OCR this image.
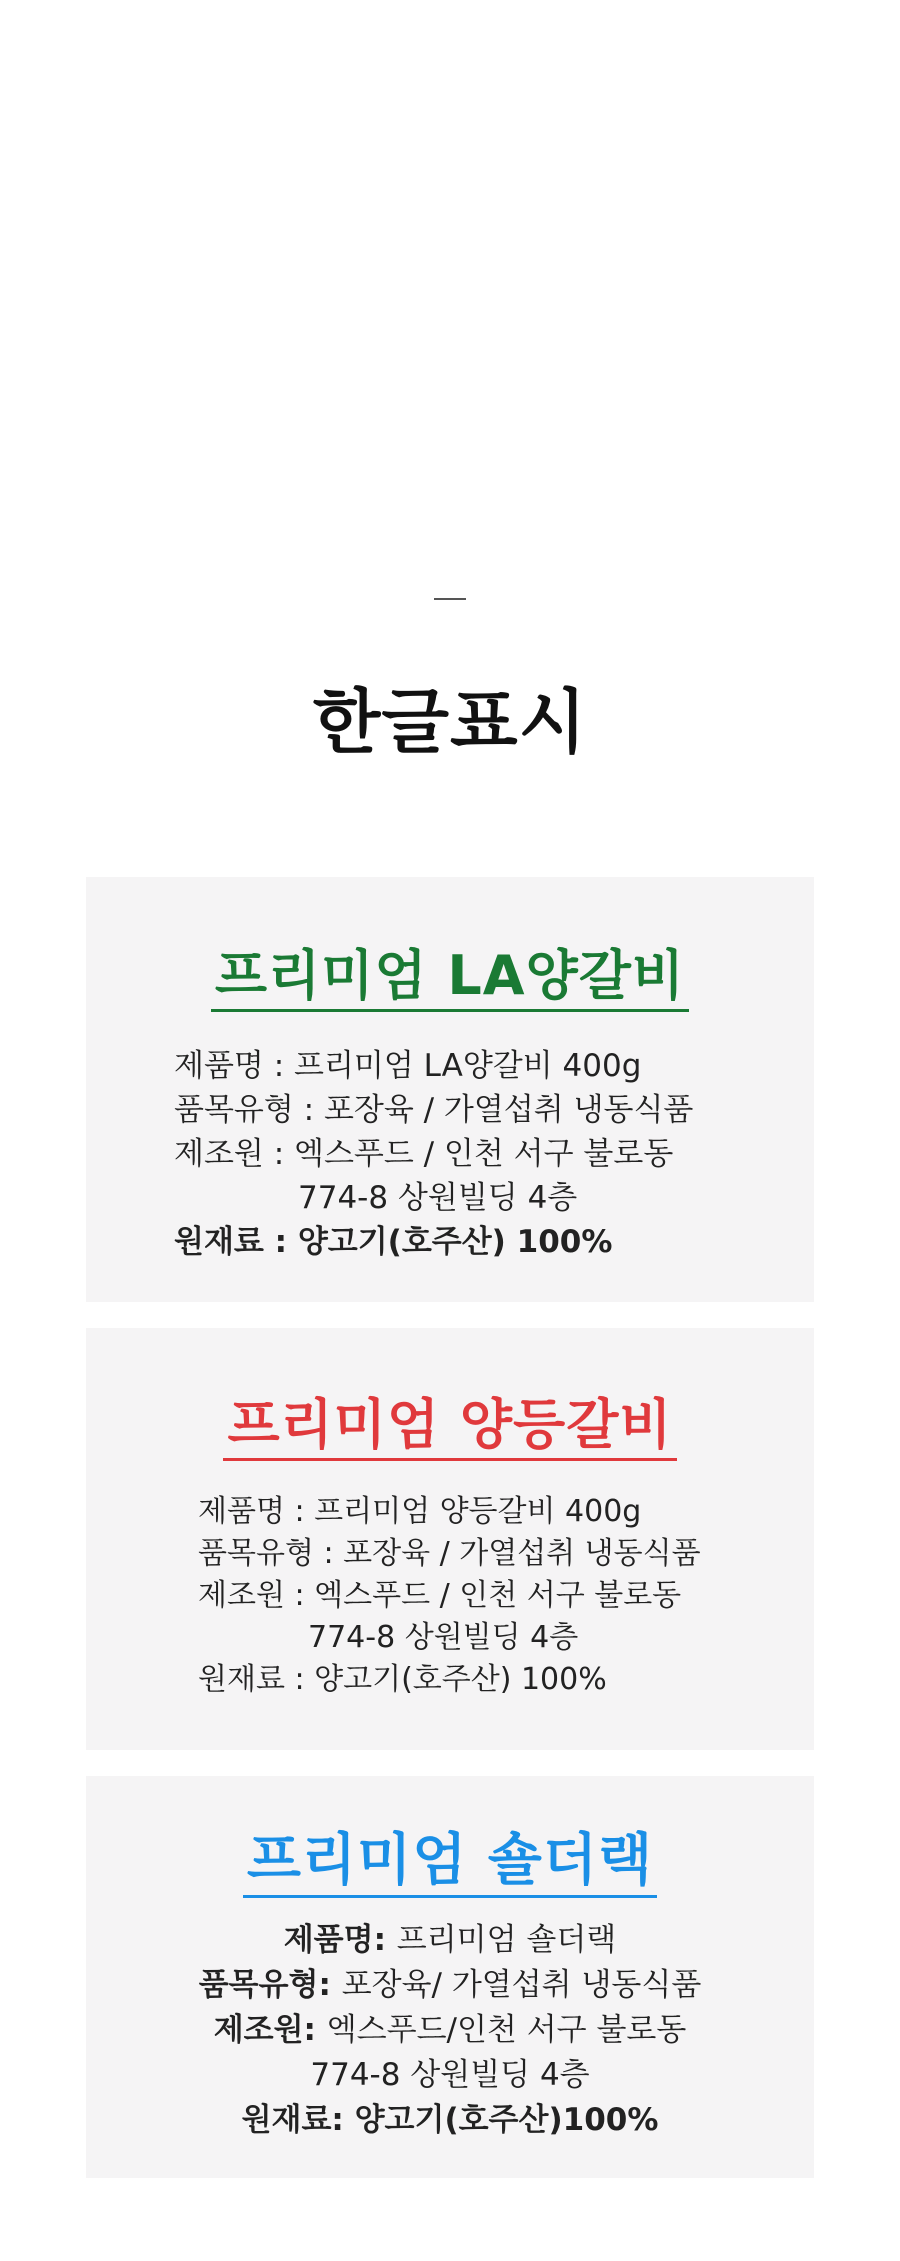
한글표시
프리미엄 LA양갈비
제품명 : 프리미엄 LA양갈비 400g
품목유형 : 포장육 / 가열섭취 냉동식품
제조원 : 엑스푸드 / 인천 서구 불로동
774-8 상원빌딩 4층
원재료 : 양고기(호주산) 100%
프리미엄 양등갈비
제품명 : 프리미엄 양등갈비 400g
품목유형 : 포장육 / 가열섭취 냉동식품
제조원 : 엑스푸드 / 인천 서구 불로동
774-8 상원빌딩 4층
원재료 : 양고기(호주산) 100%
프리미엄 숄더랙
제품명: 프리미엄 숄더랙
품목유형: 포장육/ 가열섭취 냉동식품
제조원: 엑스푸드/인천 서구 불로동
774-8 상원빌딩 4층
원재료: 양고기(호주산)100%
